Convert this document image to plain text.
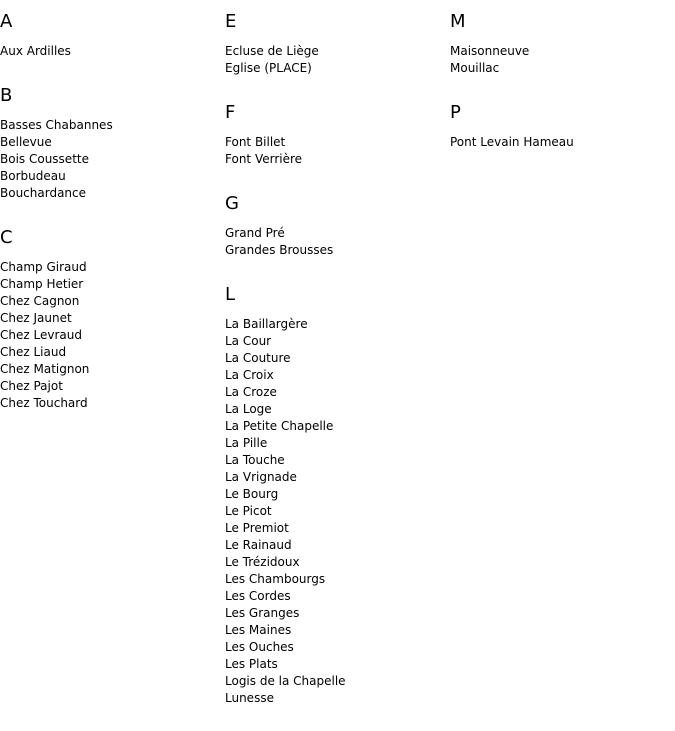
A
Aux Ardilles
B
Basses Chabannes
Bellevue
Bois Coussette
Borbudeau
Bouchardance
C
Champ Giraud
Champ Hetier
Chez Cagnon
Chez Jaunet
Chez Levraud
Chez Liaud
Chez Matignon
Chez Pajot
Chez Touchard
E
Ecluse de Liège
Eglise (PLACE)
F
Font Billet
Font Verrière
G
Grand Pré
Grandes Brousses
L
La Baillargère
La Cour
La Couture
La Croix
La Croze
La Loge
La Petite Chapelle
La Pille
La Touche
La Vrignade
Le Bourg
Le Picot
Le Premiot
Le Rainaud
Le Trézidoux
Les Chambourgs
Les Cordes
Les Granges
Les Maines
Les Ouches
Les Plats
Logis de la Chapelle
Lunesse
M
Maisonneuve
Mouillac
P
Pont Levain Hameau
